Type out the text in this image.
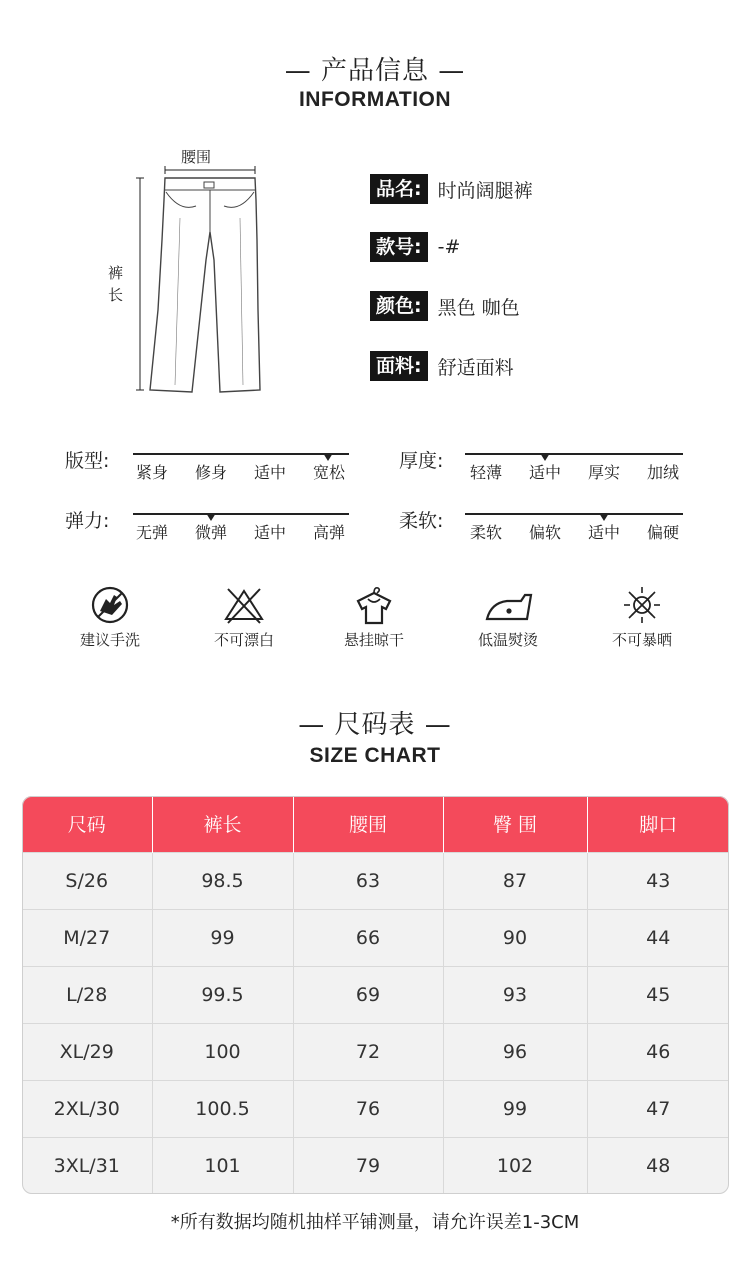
— 产品信息 —
INFORMATION
腰围
裤
长
品名: 时尚阔腿裤
款号: -#
颜色: 黑色 咖色
面料: 舒适面料
版型:
紧身	修身	适中	宽松
厚度:
轻薄	适中	厚实	加绒
弹力:
无弹	微弹	适中	高弹
柔软:
柔软	偏软	适中	偏硬
建议手洗	不可漂白	悬挂晾干	低温熨烫	不可暴晒
— 尺码表 —
SIZE CHART
尺码	裤长	腰围	臀 围	脚口
S/26	98.5	63	87	43
M/27	99	66	90	44
L/28	99.5	69	93	45
XL/29	100	72	96	46
2XL/30	100.5	76	99	47
3XL/31	101	79	102	48
*所有数据均随机抽样平铺测量，请允许误差1-3CM
